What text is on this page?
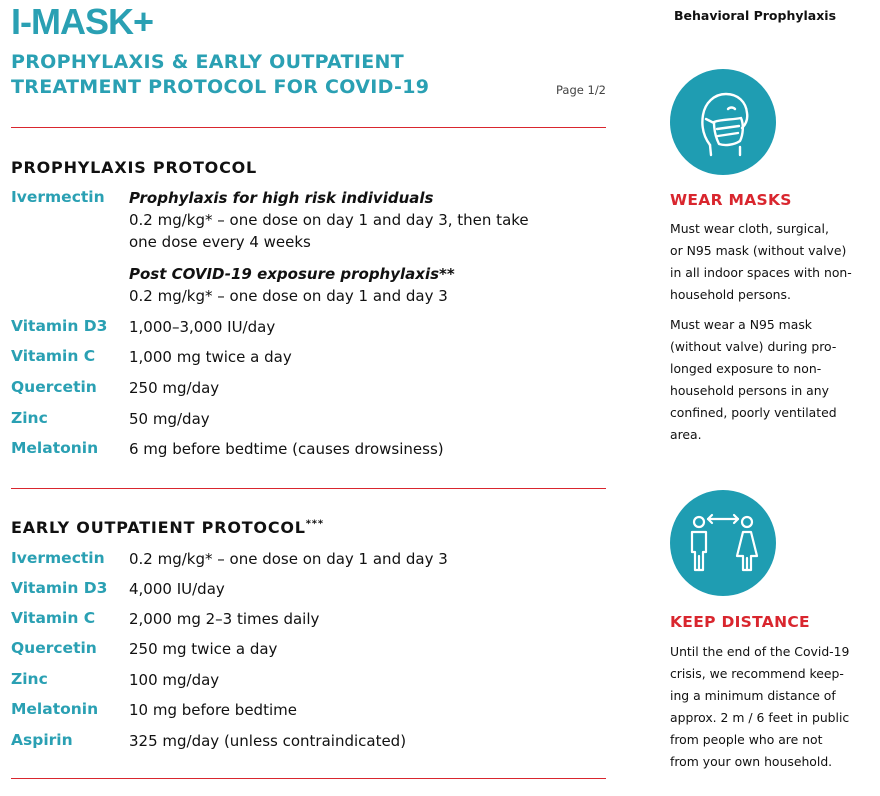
I-MASK+
PROPHYLAXIS & EARLY OUTPATIENT
TREATMENT PROTOCOL FOR COVID-19	Page 1/2
PROPHYLAXIS PROTOCOL
Ivermectin Prophylaxis for high risk individuals
0.2 mg/kg* – one dose on day 1 and day 3, then take
one dose every 4 weeks
Post COVID-19 exposure prophylaxis**
0.2 mg/kg* – one dose on day 1 and day 3
Vitamin D3 1,000–3,000 IU/day
Vitamin C 1,000 mg twice a day
Quercetin 250 mg/day
Zinc	50 mg/day
Melatonin 6 mg before bedtime (causes drowsiness)
EARLY OUTPATIENT PROTOCOL***
Ivermectin 0.2 mg/kg* – one dose on day 1 and day 3
Vitamin D3 4,000 IU/day
Vitamin C 2,000 mg 2–3 times daily
Quercetin 250 mg twice a day
Zinc	100 mg/day
Melatonin 10 mg before bedtime
Aspirin	325 mg/day (unless contraindicated)
Behavioral Prophylaxis
WEAR MASKS
Must wear cloth, surgical,
or N95 mask (without valve)
in all indoor spaces with non-
household persons.
Must wear a N95 mask
(without valve) during pro-
longed exposure to non-
household persons in any
confined, poorly ventilated
area.
KEEP DISTANCE
Until the end of the Covid-19
crisis, we recommend keep-
ing a minimum distance of
approx. 2 m / 6 feet in public
from people who are not
from your own household.
